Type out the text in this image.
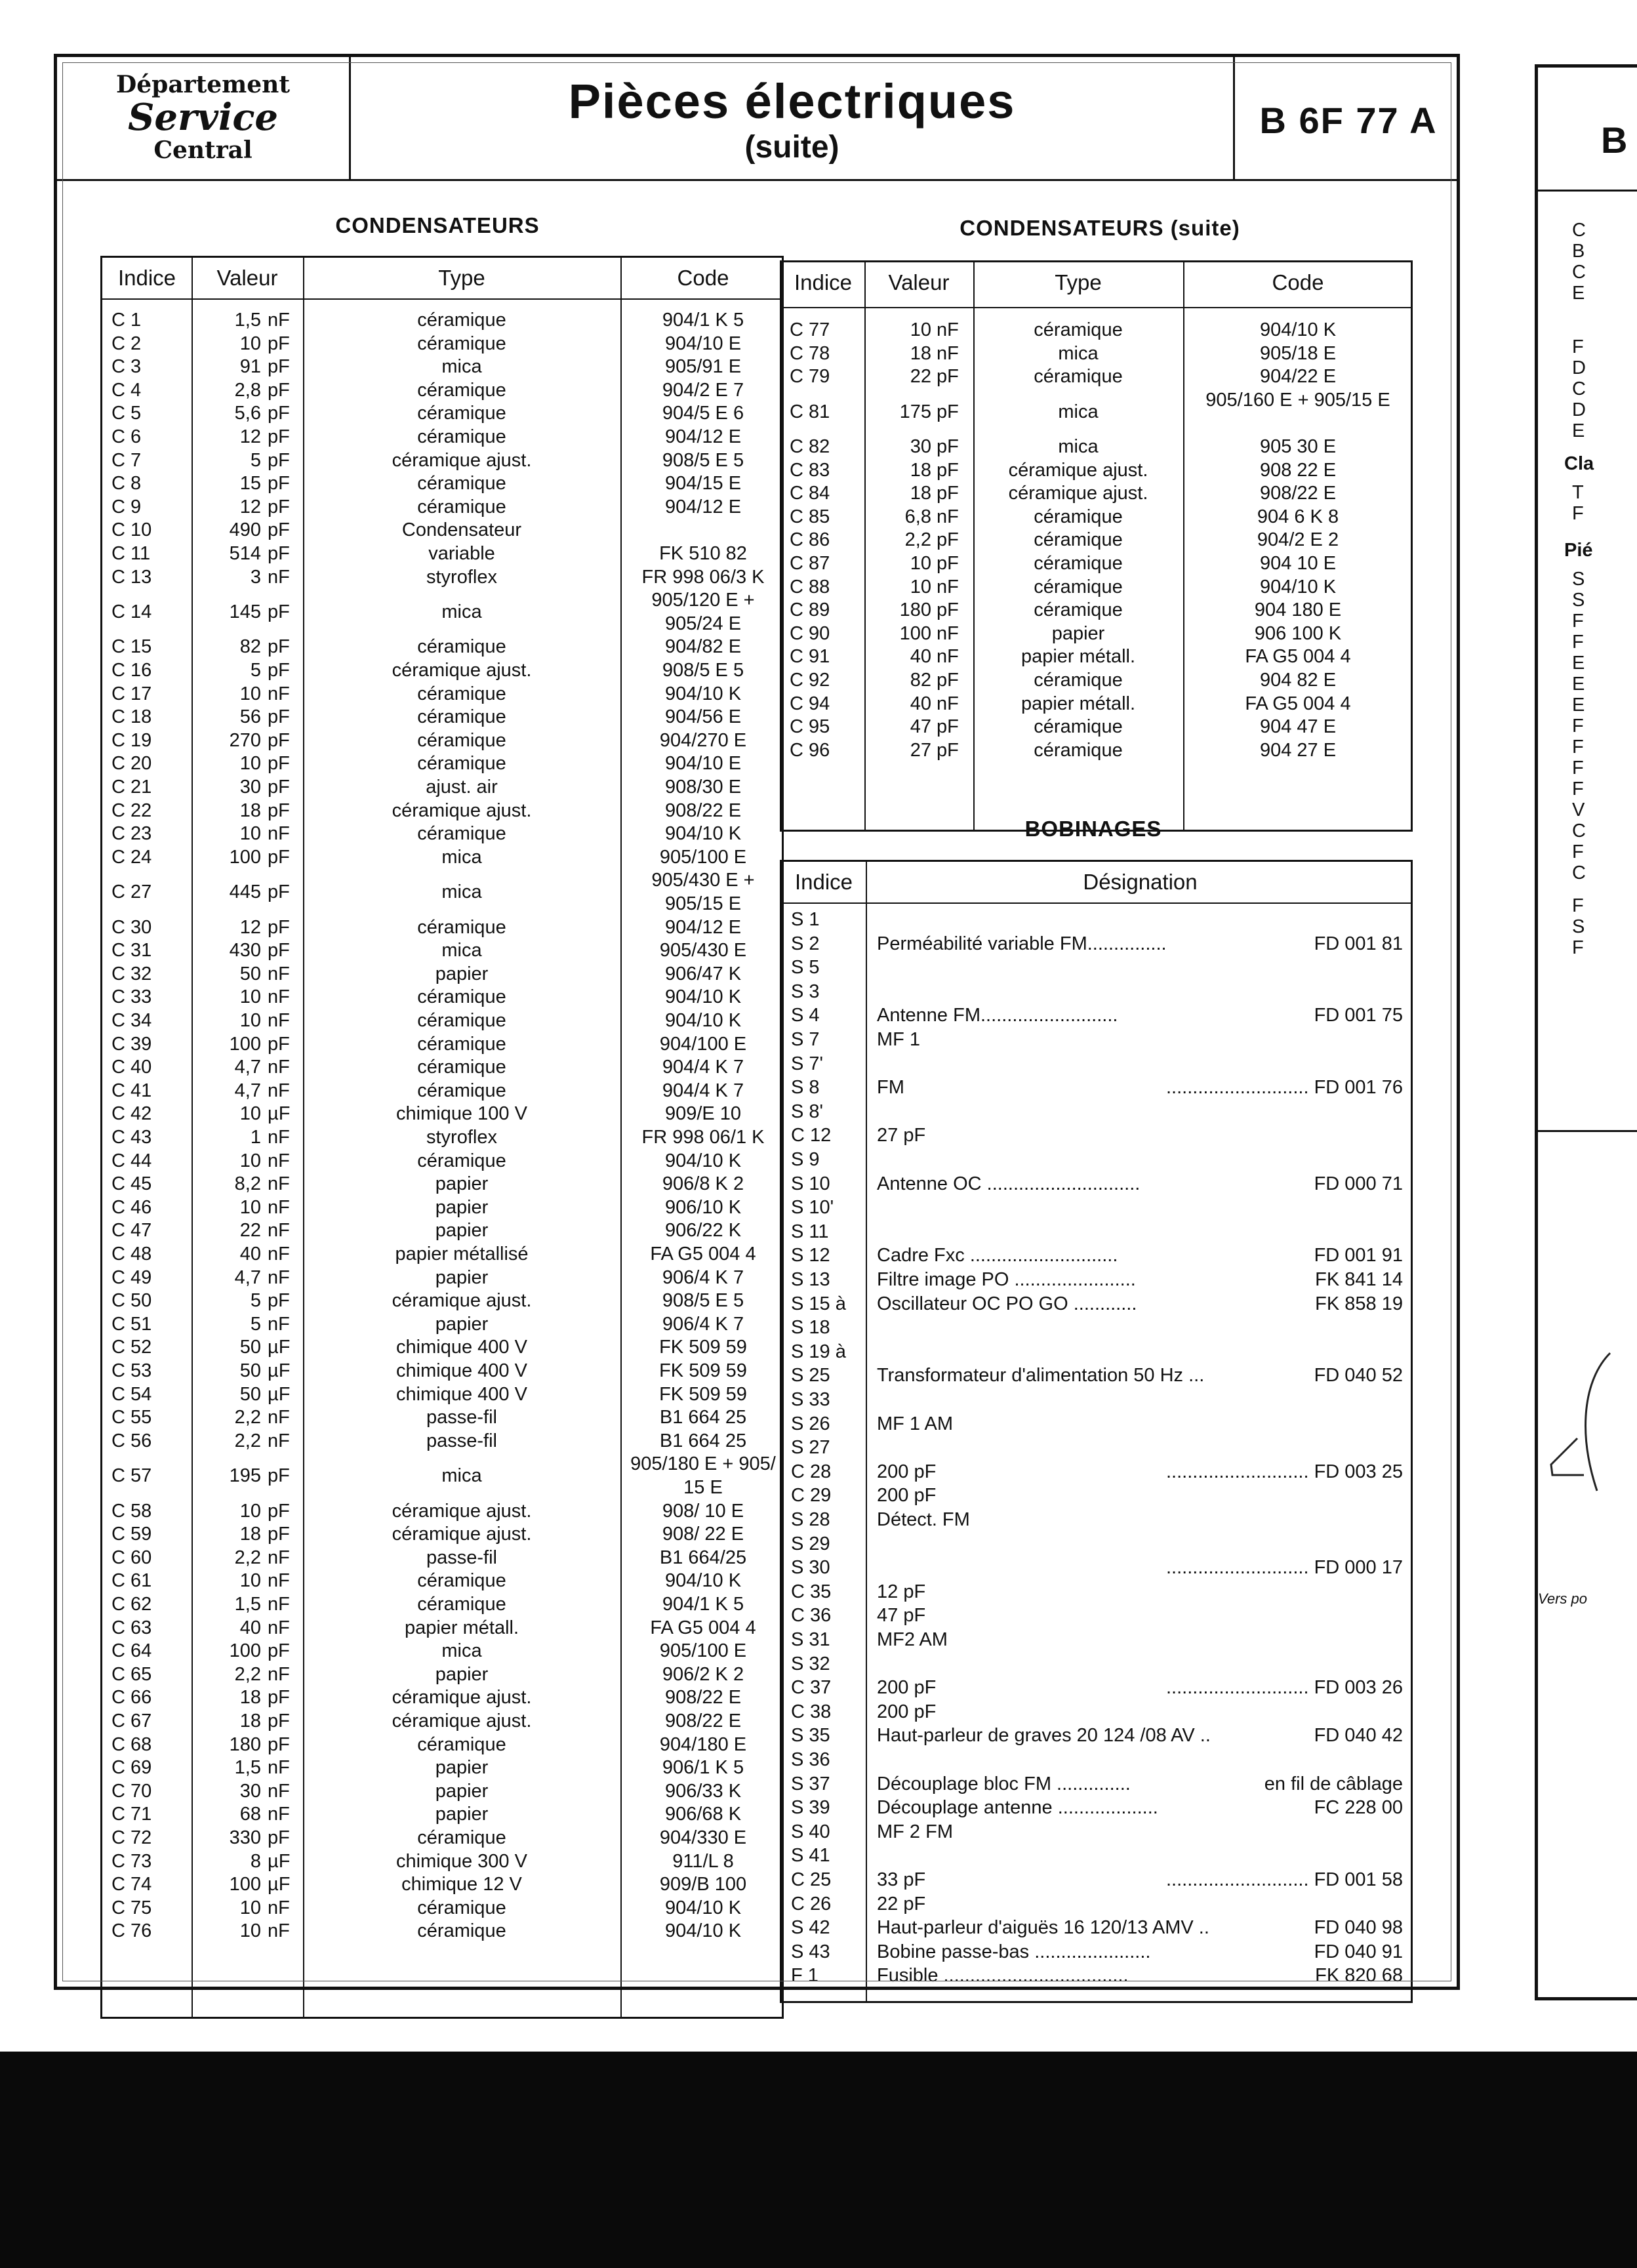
Département
Service
Central
Pièces électriques
(suite)
B 6F 77 A
CONDENSATEURS
Indice	Valeur	Type	Code
C 1	1,5 nF	céramique	904/1 K 5
C 2	10 pF	céramique	904/10 E
C 3	91 pF	mica	905/91 E
C 4	2,8 pF	céramique	904/2 E 7
C 5	5,6 pF	céramique	904/5 E 6
C 6	12 pF	céramique	904/12 E
C 7	5 pF	céramique ajust.	908/5 E 5
C 8	15 pF	céramique	904/15 E
C 9	12 pF	céramique	904/12 E
C 10	490 pF	Condensateur
C 11	514 pF	variable	FK 510 82
C 13	3 nF	styroflex	FR 998 06/3 K
C 14	145 pF	mica
905/120 E + 905/24 E
C 15	82 pF	céramique	904/82 E
C 16	5 pF	céramique ajust.	908/5 E 5
C 17	10 nF	céramique	904/10 K
C 18	56 pF	céramique	904/56 E
C 19	270 pF	céramique	904/270 E
C 20	10 pF	céramique	904/10 E
C 21	30 pF	ajust. air	908/30 E
C 22	18 pF	céramique ajust.	908/22 E
C 23	10 nF	céramique	904/10 K
C 24	100 pF	mica	905/100 E
C 27	445 pF	mica
905/430 E + 905/15 E
C 30	12 pF	céramique	904/12 E
C 31	430 pF	mica	905/430 E
C 32	50 nF	papier	906/47 K
C 33	10 nF	céramique	904/10 K
C 34	10 nF	céramique	904/10 K
C 39	100 pF	céramique	904/100 E
C 40	4,7 nF	céramique	904/4 K 7
C 41	4,7 nF	céramique	904/4 K 7
C 42	10 µF	chimique 100 V	909/E 10
C 43	1 nF	styroflex	FR 998 06/1 K
C 44	10 nF	céramique	904/10 K
C 45	8,2 nF	papier	906/8 K 2
C 46	10 nF	papier	906/10 K
C 47	22 nF	papier	906/22 K
C 48	40 nF	papier métallisé	FA G5 004 4
C 49	4,7 nF	papier	906/4 K 7
C 50	5 pF	céramique ajust.	908/5 E 5
C 51	5 nF	papier	906/4 K 7
C 52	50 µF	chimique 400 V	FK 509 59
C 53	50 µF	chimique 400 V	FK 509 59
C 54	50 µF	chimique 400 V	FK 509 59
C 55	2,2 nF	passe-fil	B1 664 25
C 56	2,2 nF	passe-fil	B1 664 25
C 57	195 pF	mica
905/180 E + 905/ 15 E
C 58	10 pF	céramique ajust.	908/ 10 E
C 59	18 pF	céramique ajust.	908/ 22 E
C 60	2,2 nF	passe-fil	B1 664/25
C 61	10 nF	céramique	904/10 K
C 62	1,5 nF	céramique	904/1 K 5
C 63	40 nF	papier métall.	FA G5 004 4
C 64	100 pF	mica	905/100 E
C 65	2,2 nF	papier	906/2 K 2
C 66	18 pF	céramique ajust.	908/22 E
C 67	18 pF	céramique ajust.	908/22 E
C 68	180 pF	céramique	904/180 E
C 69	1,5 nF	papier	906/1 K 5
C 70	30 nF	papier	906/33 K
C 71	68 nF	papier	906/68 K
C 72	330 pF	céramique	904/330 E
C 73	8 µF	chimique 300 V	911/L 8
C 74	100 µF	chimique 12 V	909/B 100
C 75	10 nF	céramique	904/10 K
C 76	10 nF	céramique	904/10 K
CONDENSATEURS (suite)
Indice	Valeur	Type	Code
C 77	10 nF	céramique	904/10 K
C 78	18 nF	mica	905/18 E
C 79	22 pF	céramique	904/22 E
C 81	175 pF	mica
905/160 E + 905/15 E
C 82	30 pF	mica	905 30 E
C 83	18 pF	céramique ajust.	908 22 E
C 84	18 pF	céramique ajust.	908/22 E
C 85	6,8 nF	céramique	904 6 K 8
C 86	2,2 pF	céramique	904/2 E 2
C 87	10 pF	céramique	904 10 E
C 88	10 nF	céramique	904/10 K
C 89	180 pF	céramique	904 180 E
C 90	100 nF	papier	906 100 K
C 91	40 nF	papier métall.	FA G5 004 4
C 92	82 pF	céramique	904 82 E
C 94	40 nF	papier métall.	FA G5 004 4
C 95	47 pF	céramique	904 47 E
C 96	27 pF	céramique	904 27 E
BOBINAGES
Indice	Désignation
S 1
S 2	Perméabilité variable FM...............	FD 001 81
S 5
S 3
S 4	Antenne FM..........................	FD 001 75
S 7	MF 1
S 7'
S 8	FM	........................... FD 001 76
S 8'
C 12 27 pF
S 9
S 10 Antenne OC .............................	FD 000 71
S 10'
S 11
S 12 Cadre Fxc ............................	FD 001 91
S 13 Filtre image PO .......................	FK 841 14
S 15 à Oscillateur OC PO GO ............	FK 858 19
S 18
S 19 à
S 25 Transformateur d'alimentation 50 Hz ...	FD 040 52
S 33
S 26 MF 1 AM
S 27
C 28 200 pF	........................... FD 003 25
C 29 200 pF
S 28 Détect. FM
S 29
S 30	........................... FD 000 17
C 35 12 pF
C 36 47 pF
S 31 MF2 AM
S 32
C 37 200 pF	........................... FD 003 26
C 38 200 pF
S 35 Haut-parleur de graves 20 124 /08 AV ..	FD 040 42
S 36
S 37 Découplage bloc FM ..............	en fil de câblage
S 39 Découplage antenne ...................	FC 228 00
S 40 MF 2 FM
S 41
C 25 33 pF	........................... FD 001 58
C 26 22 pF
S 42 Haut-parleur d'aiguës 16 120/13 AMV ..	FD 040 98
S 43 Bobine passe-bas ......................	FD 040 91
F 1	Fusible ...................................	FK 820 68
B
C
B
C
E
F
D
C
D
E
Cla
T
F
Pié
S
S
F
F
E
E
E
F
F
F
F
V
C
F
C
F
S
F
Vers po
